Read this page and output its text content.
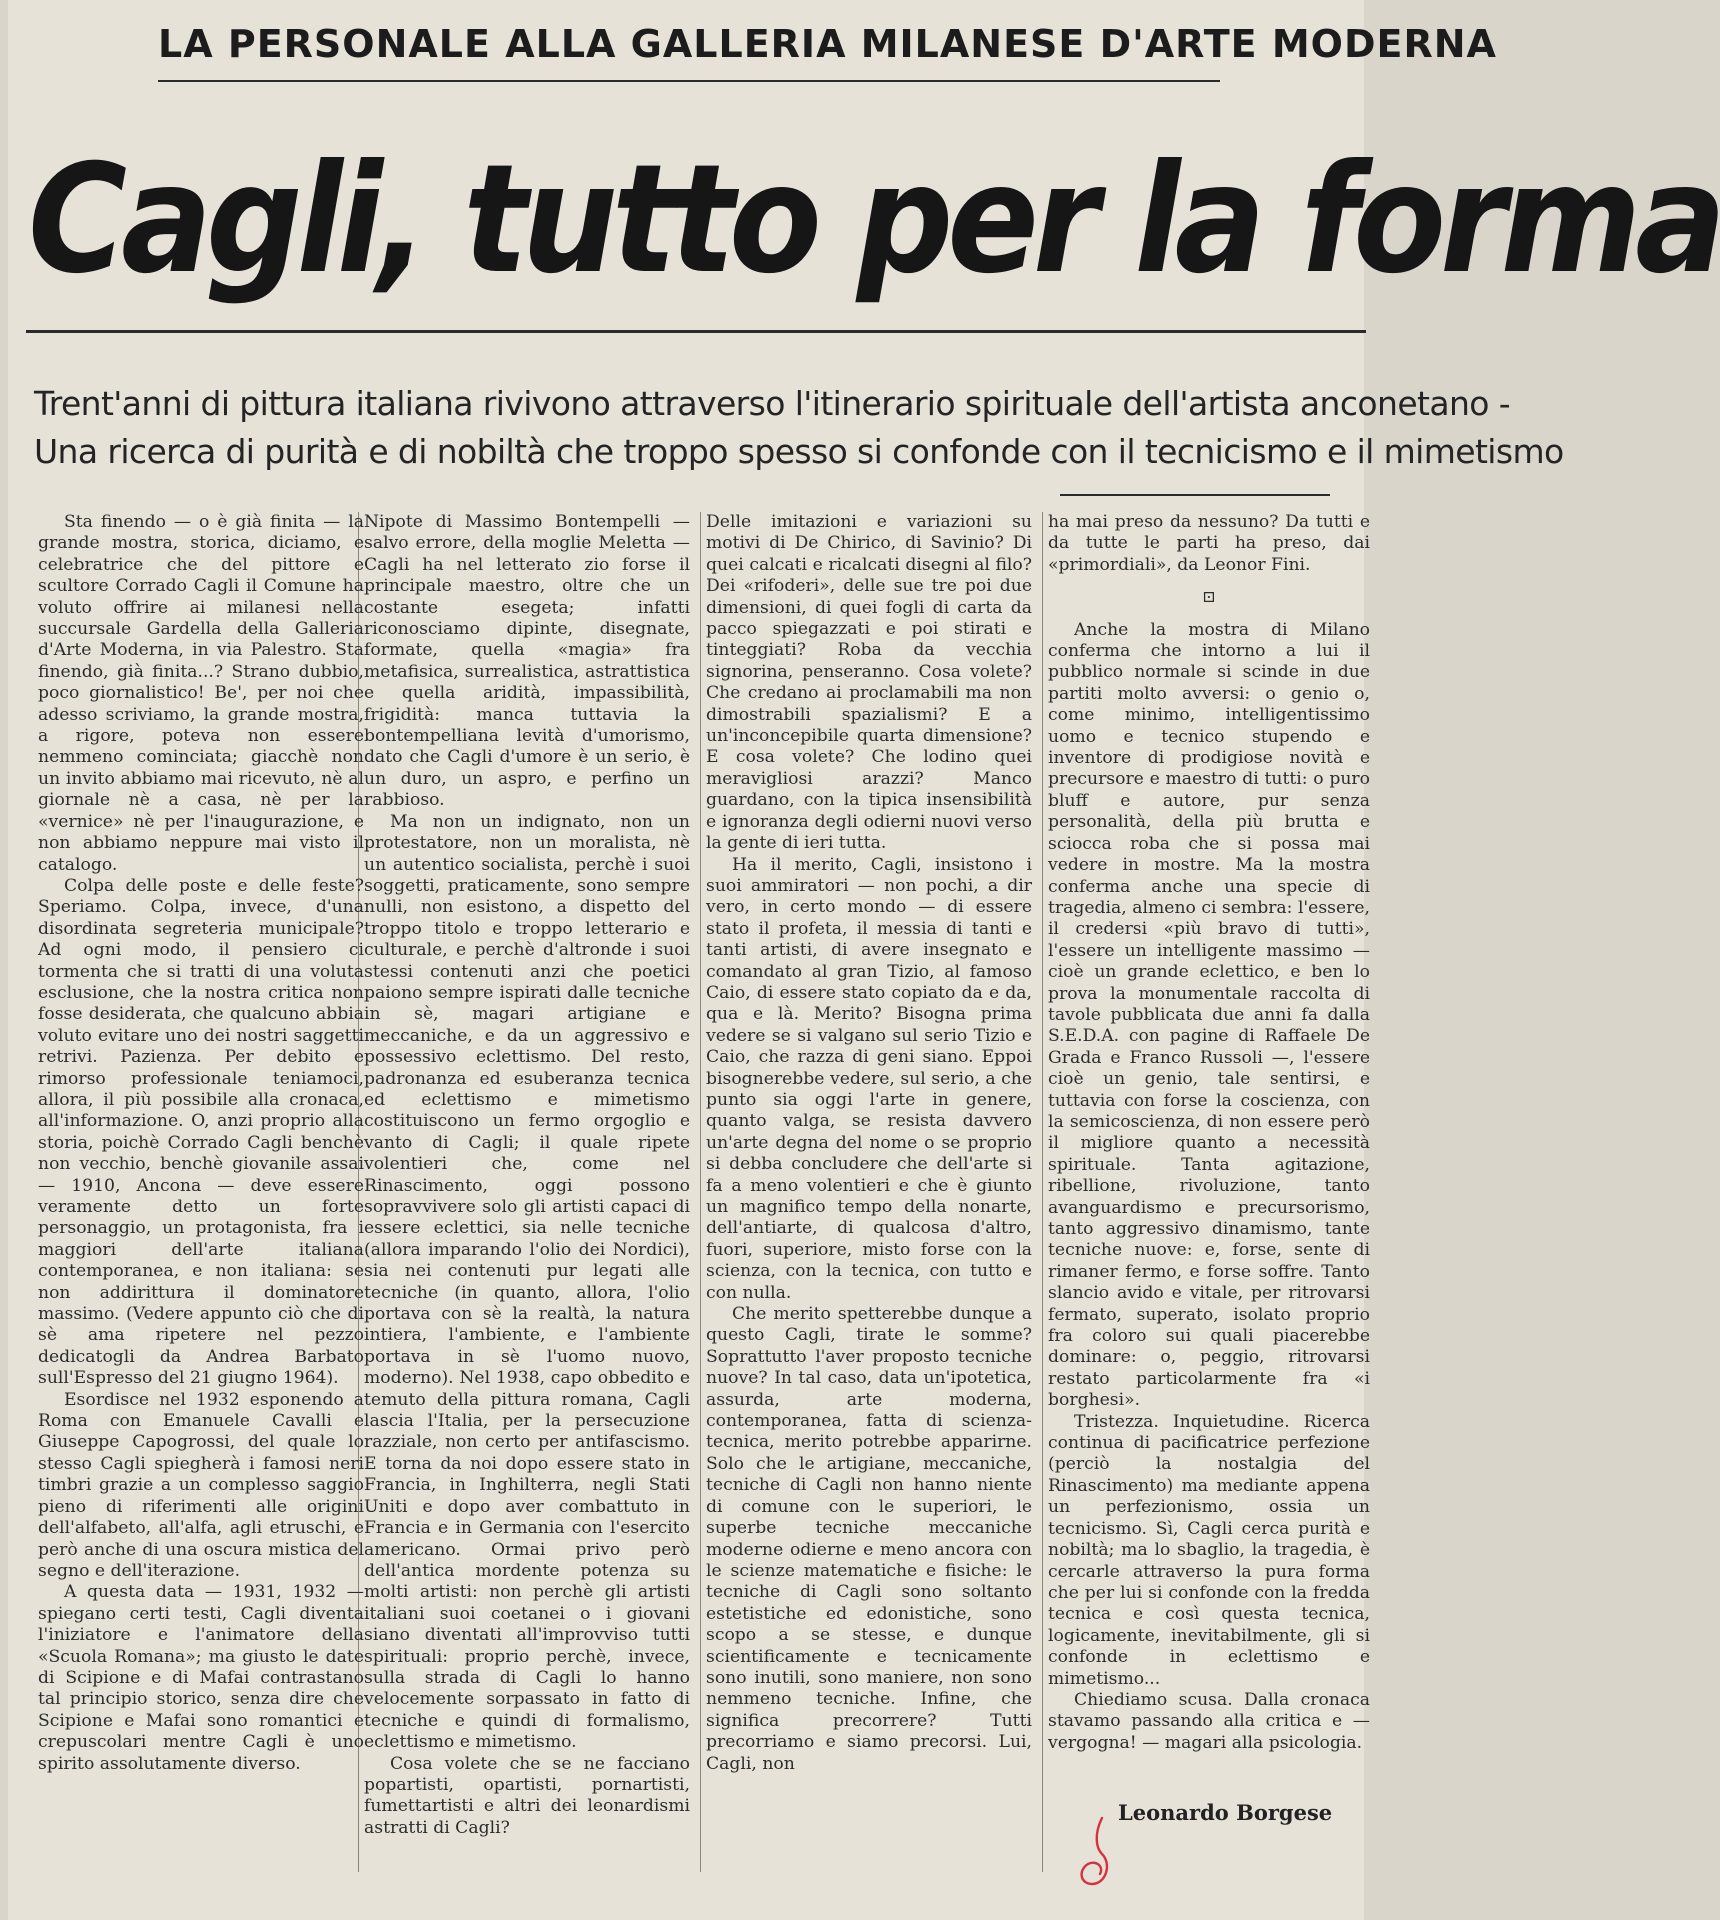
LA PERSONALE ALLA GALLERIA MILANESE D'ARTE MODERNA
Cagli, tutto per la forma
Trent'anni di pittura italiana rivivono attraverso l'itinerario spirituale dell'artista anconetano -
Una ricerca di purità e di nobiltà che troppo spesso si confonde con il tecnicismo e il mimetismo

Sta finendo — o è già finita — la grande mostra, storica, diciamo, e celebratrice che del pittore e scultore Corrado Cagli il Comune ha voluto offrire ai milanesi nella succursale Gardella della Galleria d'Arte Moderna, in via Palestro. Sta finendo, già finita...? Strano dubbio, poco giornalistico! Be', per noi che adesso scriviamo, la grande mostra, a rigore, poteva non essere nemmeno cominciata; giacchè non un invito abbiamo mai ricevuto, nè al giornale nè a casa, nè per la «vernice» nè per l'inaugurazione, e non abbiamo neppure mai visto il catalogo.

Colpa delle poste e delle feste? Speriamo. Colpa, invece, d'una disordinata segreteria municipale? Ad ogni modo, il pensiero ci tormenta che si tratti di una voluta esclusione, che la nostra critica non fosse desiderata, che qualcuno abbia voluto evitare uno dei nostri saggetti retrivi. Pazienza. Per debito e rimorso professionale teniamoci, allora, il più possibile alla cronaca, all'informazione. O, anzi proprio alla storia, poichè Corrado Cagli benchè non vecchio, benchè giovanile assai — 1910, Ancona — deve essere veramente detto un forte personaggio, un protagonista, fra i maggiori dell'arte italiana contemporanea, e non italiana: se non addirittura il dominatore massimo. (Vedere appunto ciò che di sè ama ripetere nel pezzo dedicatogli da Andrea Barbato sull'Espresso del 21 giugno 1964).

Esordisce nel 1932 esponendo a Roma con Emanuele Cavalli e Giuseppe Capogrossi, del quale lo stesso Cagli spiegherà i famosi neri timbri grazie a un complesso saggio pieno di riferimenti alle origini dell'alfabeto, all'alfa, agli etruschi, e però anche di una oscura mistica del segno e dell'iterazione.

A questa data — 1931, 1932 — spiegano certi testi, Cagli diventa l'iniziatore e l'animatore della «Scuola Romana»; ma giusto le date di Scipione e di Mafai contrastano tal principio storico, senza dire che Scipione e Mafai sono romantici e crepuscolari mentre Cagli è uno spirito assolutamente diverso.

Nipote di Massimo Bontempelli — salvo errore, della moglie Meletta — Cagli ha nel letterato zio forse il principale maestro, oltre che un costante esegeta; infatti riconosciamo dipinte, disegnate, formate, quella «magia» fra metafisica, surrealistica, astrattistica e quella aridità, impassibilità, frigidità: manca tuttavia la bontempelliana levità d'umorismo, dato che Cagli d'umore è un serio, è un duro, un aspro, e perfino un rabbioso.

Ma non un indignato, non un protestatore, non un moralista, nè un autentico socialista, perchè i suoi soggetti, praticamente, sono sempre nulli, non esistono, a dispetto del troppo titolo e troppo letterario e culturale, e perchè d'altronde i suoi stessi contenuti anzi che poetici paiono sempre ispirati dalle tecniche in sè, magari artigiane e meccaniche, e da un aggressivo e possessivo eclettismo. Del resto, padronanza ed esuberanza tecnica ed eclettismo e mimetismo costituiscono un fermo orgoglio e vanto di Cagli; il quale ripete volentieri che, come nel Rinascimento, oggi possono sopravvivere solo gli artisti capaci di essere eclettici, sia nelle tecniche (allora imparando l'olio dei Nordici), sia nei contenuti pur legati alle tecniche (in quanto, allora, l'olio portava con sè la realtà, la natura intiera, l'ambiente, e l'ambiente portava in sè l'uomo nuovo, moderno). Nel 1938, capo obbedito e temuto della pittura romana, Cagli lascia l'Italia, per la persecuzione razziale, non certo per antifascismo. E torna da noi dopo essere stato in Francia, in Inghilterra, negli Stati Uniti e dopo aver combattuto in Francia e in Germania con l'esercito americano. Ormai privo però dell'antica mordente potenza su molti artisti: non perchè gli artisti italiani suoi coetanei o i giovani siano diventati all'improvviso tutti spirituali: proprio perchè, invece, sulla strada di Cagli lo hanno velocemente sorpassato in fatto di tecniche e quindi di formalismo, eclettismo e mimetismo.

Cosa volete che se ne facciano popartisti, opartisti, pornartisti, fumettartisti e altri dei leonardismi astratti di Cagli?

Delle imitazioni e variazioni su motivi di De Chirico, di Savinio? Di quei calcati e ricalcati disegni al filo? Dei «rifoderi», delle sue tre poi due dimensioni, di quei fogli di carta da pacco spiegazzati e poi stirati e tinteggiati? Roba da vecchia signorina, penseranno. Cosa volete? Che credano ai proclamabili ma non dimostrabili spazialismi? E a un'inconcepibile quarta dimensione? E cosa volete? Che lodino quei meravigliosi arazzi? Manco guardano, con la tipica insensibilità e ignoranza degli odierni nuovi verso la gente di ieri tutta.

Ha il merito, Cagli, insistono i suoi ammiratori — non pochi, a dir vero, in certo mondo — di essere stato il profeta, il messia di tanti e tanti artisti, di avere insegnato e comandato al gran Tizio, al famoso Caio, di essere stato copiato da e da, qua e là. Merito? Bisogna prima vedere se si valgano sul serio Tizio e Caio, che razza di geni siano. Eppoi bisognerebbe vedere, sul serio, a che punto sia oggi l'arte in genere, quanto valga, se resista davvero un'arte degna del nome o se proprio si debba concludere che dell'arte si fa a meno volentieri e che è giunto un magnifico tempo della nonarte, dell'antiarte, di qualcosa d'altro, fuori, superiore, misto forse con la scienza, con la tecnica, con tutto e con nulla.

Che merito spetterebbe dunque a questo Cagli, tirate le somme? Soprattutto l'aver proposto tecniche nuove? In tal caso, data un'ipotetica, assurda, arte moderna, contemporanea, fatta di scienza-tecnica, merito potrebbe apparirne. Solo che le artigiane, meccaniche, tecniche di Cagli non hanno niente di comune con le superiori, le superbe tecniche meccaniche moderne odierne e meno ancora con le scienze matematiche e fisiche: le tecniche di Cagli sono soltanto estetistiche ed edonistiche, sono scopo a se stesse, e dunque scientificamente e tecnicamente sono inutili, sono maniere, non sono nemmeno tecniche. Infine, che significa precorrere? Tutti precorriamo e siamo precorsi. Lui, Cagli, non

ha mai preso da nessuno? Da tutti e da tutte le parti ha preso, dai «primordiali», da Leonor Fini.

⊡

Anche la mostra di Milano conferma che intorno a lui il pubblico normale si scinde in due partiti molto avversi: o genio o, come minimo, intelligentissimo uomo e tecnico stupendo e inventore di prodigiose novità e precursore e maestro di tutti: o puro bluff e autore, pur senza personalità, della più brutta e sciocca roba che si possa mai vedere in mostre. Ma la mostra conferma anche una specie di tragedia, almeno ci sembra: l'essere, il credersi «più bravo di tutti», l'essere un intelligente massimo — cioè un grande eclettico, e ben lo prova la monumentale raccolta di tavole pubblicata due anni fa dalla S.E.D.A. con pagine di Raffaele De Grada e Franco Russoli —, l'essere cioè un genio, tale sentirsi, e tuttavia con forse la coscienza, con la semicoscienza, di non essere però il migliore quanto a necessità spirituale. Tanta agitazione, ribellione, rivoluzione, tanto avanguardismo e precursorismo, tanto aggressivo dinamismo, tante tecniche nuove: e, forse, sente di rimaner fermo, e forse soffre. Tanto slancio avido e vitale, per ritrovarsi fermato, superato, isolato proprio fra coloro sui quali piacerebbe dominare: o, peggio, ritrovarsi restato particolarmente fra «i borghesi».

Tristezza. Inquietudine. Ricerca continua di pacificatrice perfezione (perciò la nostalgia del Rinascimento) ma mediante appena un perfezionismo, ossia un tecnicismo. Sì, Cagli cerca purità e nobiltà; ma lo sbaglio, la tragedia, è cercarle attraverso la pura forma che per lui si confonde con la fredda tecnica e così questa tecnica, logicamente, inevitabilmente, gli si confonde in eclettismo e mimetismo...

Chiediamo scusa. Dalla cronaca stavamo passando alla critica e — vergogna! — magari alla psicologia.

Leonardo Borgese
